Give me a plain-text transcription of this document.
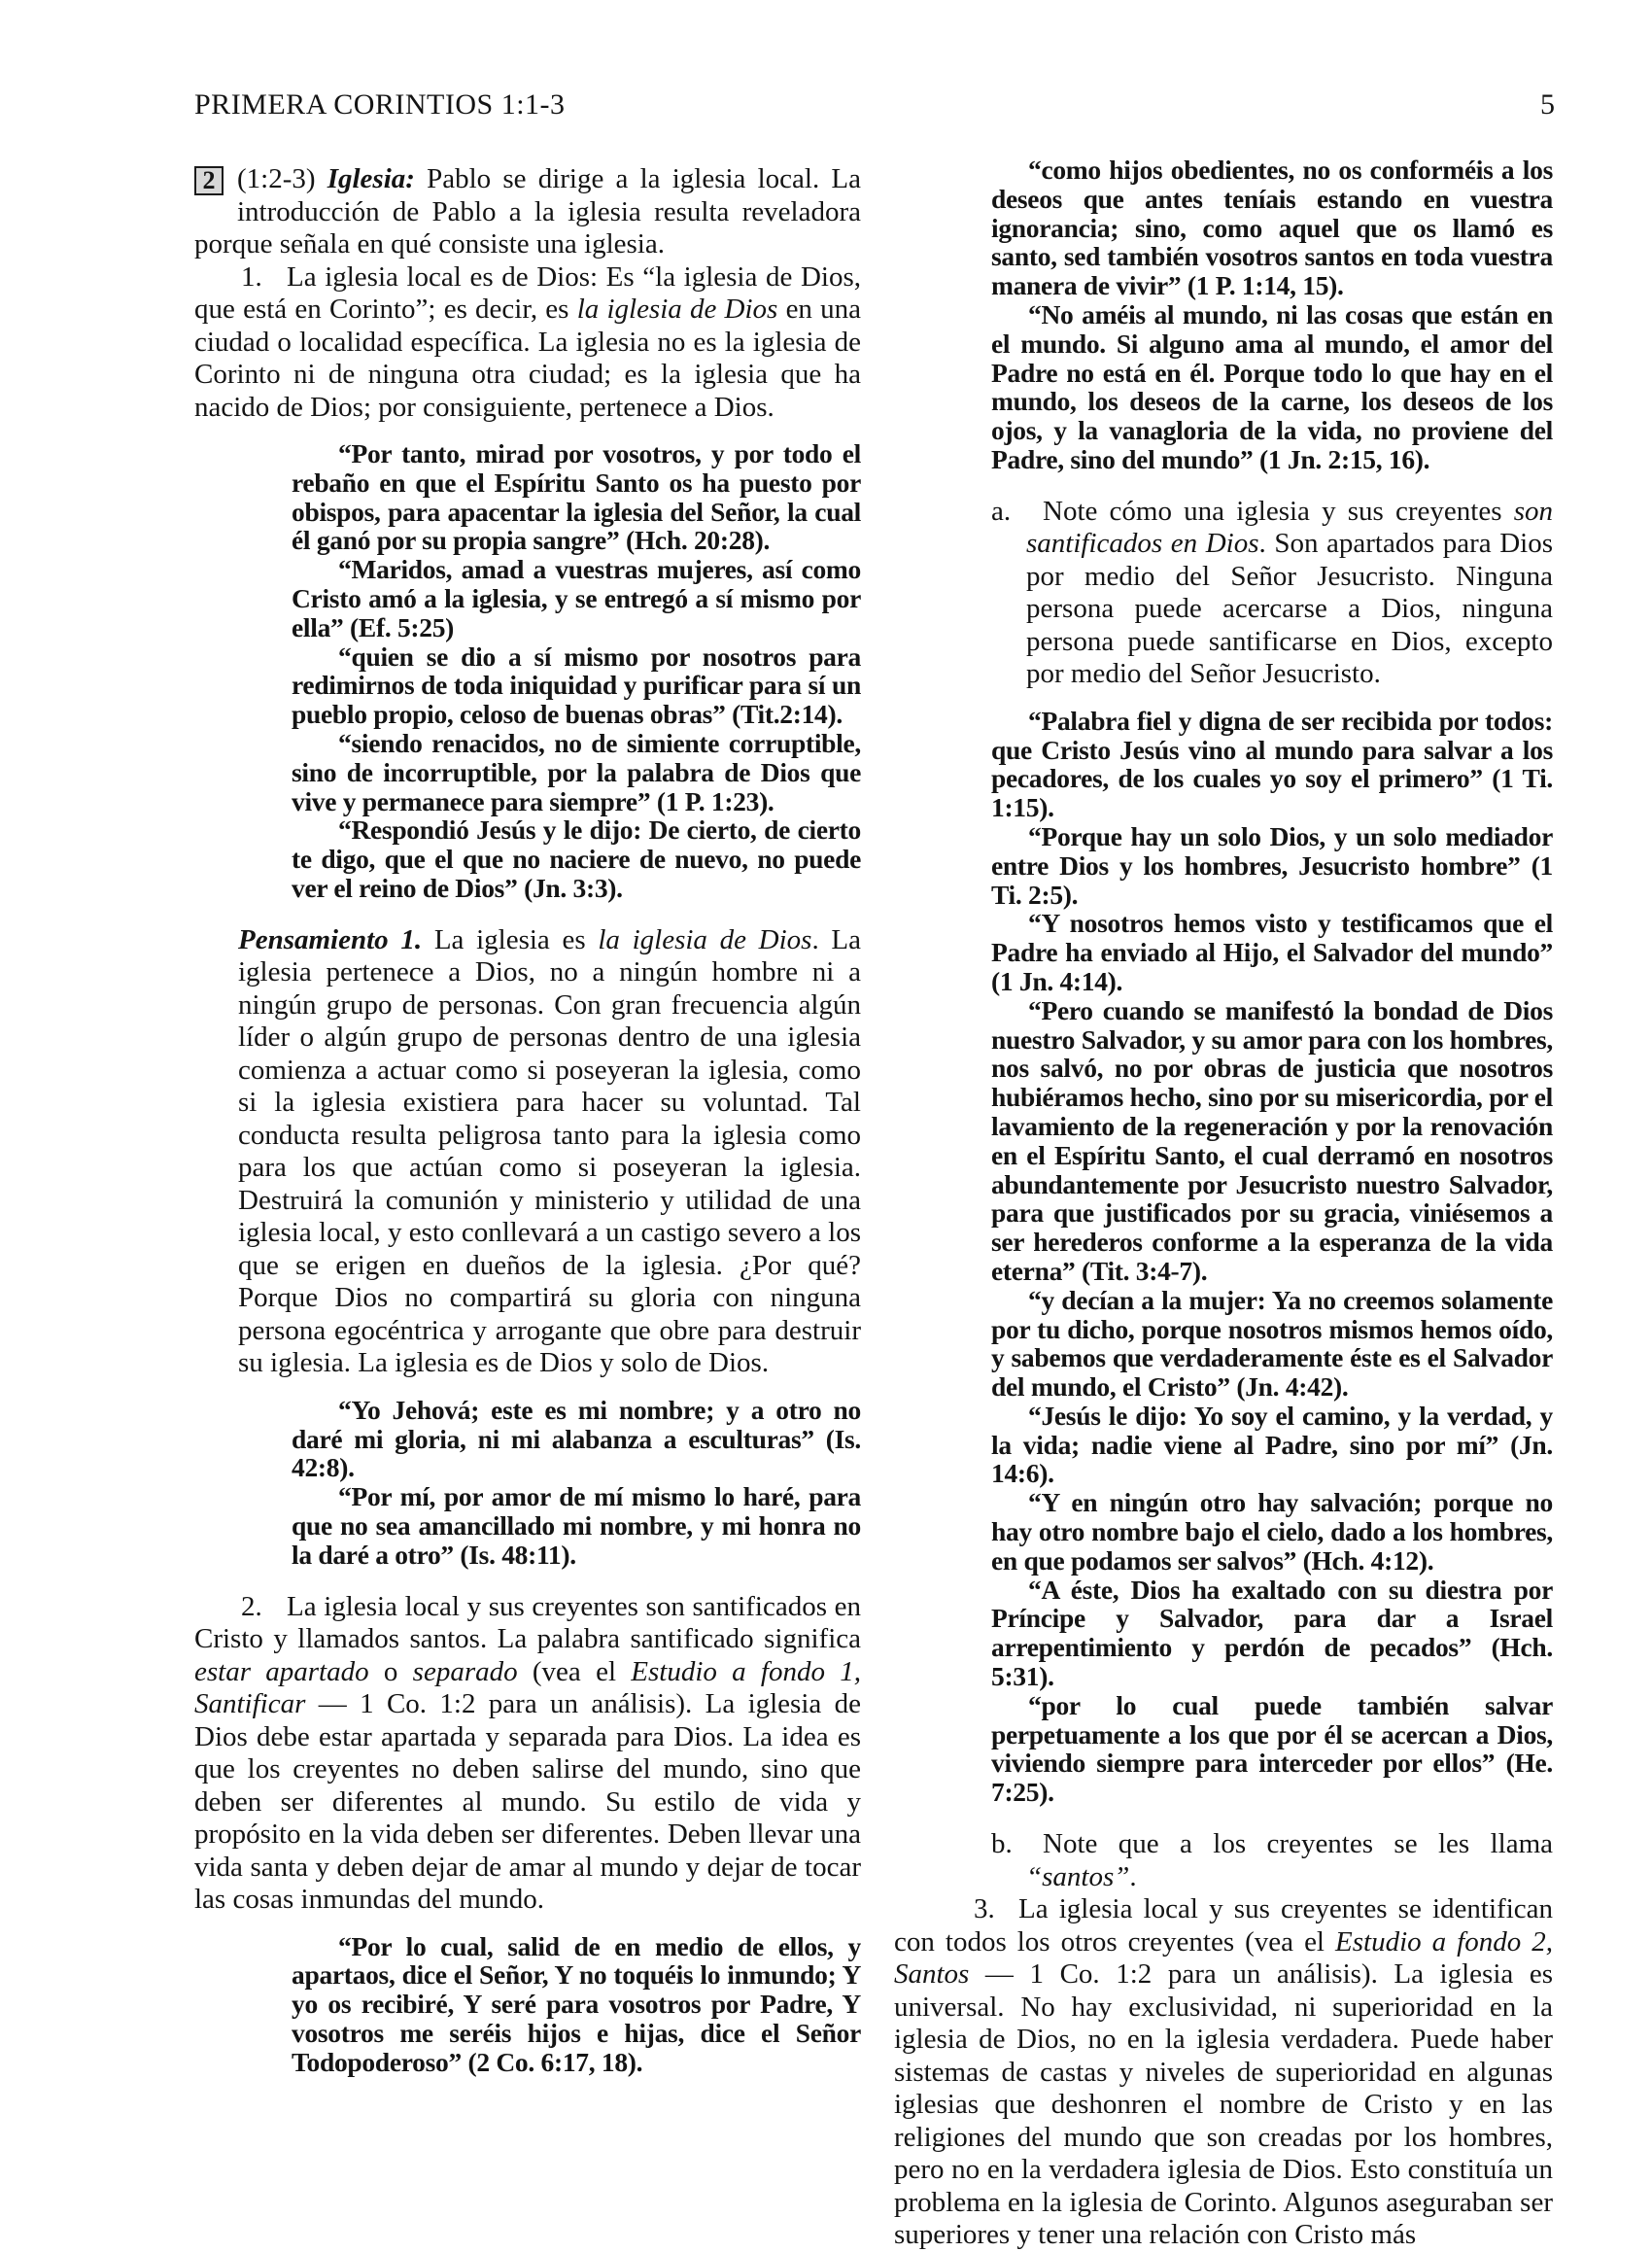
PRIMERA CORINTIOS 1:1-3	5

2 (1:2-3) Iglesia: Pablo se dirige a la iglesia local. La introducción de Pablo a la iglesia resulta reveladora porque señala en qué consiste una iglesia.

1. La iglesia local es de Dios: Es “la iglesia de Dios, que está en Corinto”; es decir, es la iglesia de Dios en una ciudad o localidad específica. La iglesia no es la iglesia de Corinto ni de ninguna otra ciudad; es la iglesia que ha nacido de Dios; por consiguiente, pertenece a Dios.

“Por tanto, mirad por vosotros, y por todo el rebaño en que el Espíritu Santo os ha puesto por obispos, para apacentar la iglesia del Señor, la cual él ganó por su propia sangre” (Hch. 20:28).

“Maridos, amad a vuestras mujeres, así como Cristo amó a la iglesia, y se entregó a sí mismo por ella” (Ef. 5:25)

“quien se dio a sí mismo por nosotros para redimirnos de toda iniquidad y purificar para sí un pueblo propio, celoso de buenas obras” (Tit.2:14).

“siendo renacidos, no de simiente corruptible, sino de incorruptible, por la palabra de Dios que vive y permanece para siempre” (1 P. 1:23).

“Respondió Jesús y le dijo: De cierto, de cierto te digo, que el que no naciere de nuevo, no puede ver el reino de Dios” (Jn. 3:3).

Pensamiento 1. La iglesia es la iglesia de Dios. La iglesia pertenece a Dios, no a ningún hombre ni a ningún grupo de personas. Con gran frecuencia algún líder o algún grupo de personas dentro de una iglesia comienza a actuar como si poseyeran la iglesia, como si la iglesia existiera para hacer su voluntad. Tal conducta resulta peligrosa tanto para la iglesia como para los que actúan como si poseyeran la iglesia. Destruirá la comunión y ministerio y utilidad de una iglesia local, y esto conllevará a un castigo severo a los que se erigen en dueños de la iglesia. ¿Por qué? Porque Dios no compartirá su gloria con ninguna persona egocéntrica y arrogante que obre para destruir su iglesia. La iglesia es de Dios y solo de Dios.

“Yo Jehová; este es mi nombre; y a otro no daré mi gloria, ni mi alabanza a esculturas” (Is. 42:8).

“Por mí, por amor de mí mismo lo haré, para que no sea amancillado mi nombre, y mi honra no la daré a otro” (Is. 48:11).

2. La iglesia local y sus creyentes son santificados en Cristo y llamados santos. La palabra santificado significa estar apartado o separado (vea el Estudio a fondo 1, Santificar — 1 Co. 1:2 para un análisis). La iglesia de Dios debe estar apartada y separada para Dios. La idea es que los creyentes no deben salirse del mundo, sino que deben ser diferentes al mundo. Su estilo de vida y propósito en la vida deben ser diferentes. Deben llevar una vida santa y deben dejar de amar al mundo y dejar de tocar las cosas inmundas del mundo.

“Por lo cual, salid de en medio de ellos, y apartaos, dice el Señor, Y no toquéis lo inmundo; Y yo os recibiré, Y seré para vosotros por Padre, Y vosotros me seréis hijos e hijas, dice el Señor Todopoderoso” (2 Co. 6:17, 18).

“como hijos obedientes, no os conforméis a los deseos que antes teníais estando en vuestra ignorancia; sino, como aquel que os llamó es santo, sed también vosotros santos en toda vuestra manera de vivir” (1 P. 1:14, 15).

“No améis al mundo, ni las cosas que están en el mundo. Si alguno ama al mundo, el amor del Padre no está en él. Porque todo lo que hay en el mundo, los deseos de la carne, los deseos de los ojos, y la vanagloria de la vida, no proviene del Padre, sino del mundo” (1 Jn. 2:15, 16).

a. Note cómo una iglesia y sus creyentes son santificados en Dios. Son apartados para Dios por medio del Señor Jesucristo. Ninguna persona puede acercarse a Dios, ninguna persona puede santificarse en Dios, excepto por medio del Señor Jesucristo.

“Palabra fiel y digna de ser recibida por todos: que Cristo Jesús vino al mundo para salvar a los pecadores, de los cuales yo soy el primero” (1 Ti. 1:15).

“Porque hay un solo Dios, y un solo mediador entre Dios y los hombres, Jesucristo hombre” (1 Ti. 2:5).

“Y nosotros hemos visto y testificamos que el Padre ha enviado al Hijo, el Salvador del mundo” (1 Jn. 4:14).

“Pero cuando se manifestó la bondad de Dios nuestro Salvador, y su amor para con los hombres, nos salvó, no por obras de justicia que nosotros hubiéramos hecho, sino por su misericordia, por el lavamiento de la regeneración y por la renovación en el Espíritu Santo, el cual derramó en nosotros abundantemente por Jesucristo nuestro Salvador, para que justificados por su gracia, viniésemos a ser herederos conforme a la esperanza de la vida eterna” (Tit. 3:4-7).

“y decían a la mujer: Ya no creemos solamente por tu dicho, porque nosotros mismos hemos oído, y sabemos que verdaderamente éste es el Salvador del mundo, el Cristo” (Jn. 4:42).

“Jesús le dijo: Yo soy el camino, y la verdad, y la vida; nadie viene al Padre, sino por mí” (Jn. 14:6).

“Y en ningún otro hay salvación; porque no hay otro nombre bajo el cielo, dado a los hombres, en que podamos ser salvos” (Hch. 4:12).

“A éste, Dios ha exaltado con su diestra por Príncipe y Salvador, para dar a Israel arrepentimiento y perdón de pecados” (Hch. 5:31).

“por lo cual puede también salvar perpetuamente a los que por él se acercan a Dios, viviendo siempre para interceder por ellos” (He. 7:25).

b. Note que a los creyentes se les llama “santos”.

3. La iglesia local y sus creyentes se identifican con todos los otros creyentes (vea el Estudio a fondo 2, Santos — 1 Co. 1:2 para un análisis). La iglesia es universal. No hay exclusividad, ni superioridad en la iglesia de Dios, no en la iglesia verdadera. Puede haber sistemas de castas y niveles de superioridad en algunas iglesias que deshonren el nombre de Cristo y en las religiones del mundo que son creadas por los hombres, pero no en la verdadera iglesia de Dios. Esto constituía un problema en la iglesia de Corinto. Algunos aseguraban ser superiores y tener una relación con Cristo más
